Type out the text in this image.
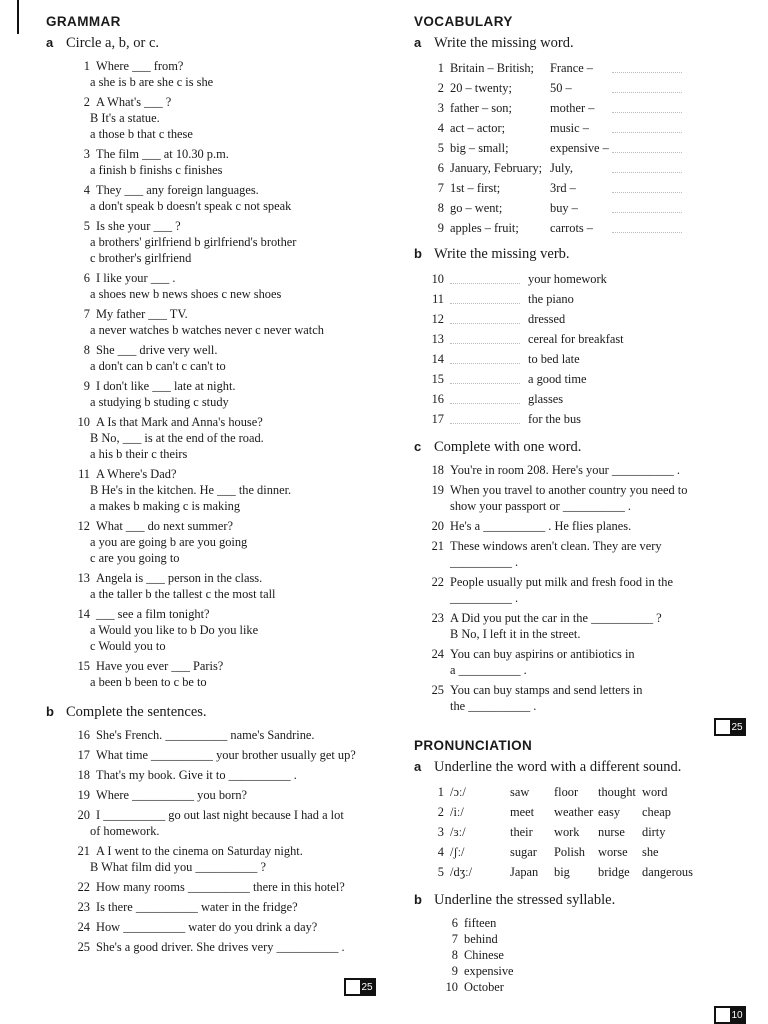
GRAMMAR
a Circle a, b, or c.
1 Where ___ from?
a she is b are she c is she
2 A What's ___ ?
B It's a statue.
a those b that c these
3 The film ___ at 10.30 p.m.
a finish b finishs c finishes
4 They ___ any foreign languages.
a don't speak b doesn't speak c not speak
5 Is she your ___ ?
a brothers' girlfriend b girlfriend's brother
c brother's girlfriend
6 I like your ___ .
a shoes new b news shoes c new shoes
7 My father ___ TV.
a never watches b watches never c never watch
8 She ___ drive very well.
a don't can b can't c can't to
9 I don't like ___ late at night.
a studying b studing c study
10 A Is that Mark and Anna's house?
B No, ___ is at the end of the road.
a his b their c theirs
11 A Where's Dad?
B He's in the kitchen. He ___ the dinner.
a makes b making c is making
12 What ___ do next summer?
a you are going b are you going
c are you going to
13 Angela is ___ person in the class.
a the taller b the tallest c the most tall
14 ___ see a film tonight?
a Would you like to b Do you like
c Would you to
15 Have you ever ___ Paris?
a been b been to c be to
b Complete the sentences.
16 She's French. __________ name's Sandrine.
17 What time __________ your brother usually get up?
18 That's my book. Give it to __________ .
19 Where __________ you born?
20 I __________ go out last night because I had a lot
of homework.
21 A I went to the cinema on Saturday night.
B What film did you __________ ?
22 How many rooms __________ there in this hotel?
23 Is there __________ water in the fridge?
24 How __________ water do you drink a day?
25 She's a good driver. She drives very __________ .
25
VOCABULARY
a Write the missing word.
1 Britain – British;	France –
2 20 – twenty;	50 –
3 father – son;	mother –
4 act – actor;	music –
5 big – small;	expensive –
6 January, February; July,
7 1st – first;	3rd –
8 go – went;	buy –
9 apples – fruit;	carrots –
b Write the missing verb.
10	your homework
11	the piano
12	dressed
13	cereal for breakfast
14	to bed late
15	a good time
16	glasses
17	for the bus
c Complete with one word.
18 You're in room 208. Here's your __________ .
19 When you travel to another country you need to
show your passport or __________ .
20 He's a __________ . He flies planes.
21 These windows aren't clean. They are very
__________ .
22 People usually put milk and fresh food in the
__________ .
23 A Did you put the car in the __________ ?
B No, I left it in the street.
24 You can buy aspirins or antibiotics in
a __________ .
25 You can buy stamps and send letters in
the __________ .
PRONUNCIATION
a Underline the word with a different sound.
1 /ɔː/	saw	floor	thought word
2 /iː/	meet	weather easy	cheap
3 /ɜː/	their	work	nurse	dirty
4 /ʃː/	sugar	Polish	worse	she
5 /dʒː/	Japan	big	bridge dangerous
b Underline the stressed syllable.
6 fifteen
7 behind
8 Chinese
9 expensive
10 October
25
10
